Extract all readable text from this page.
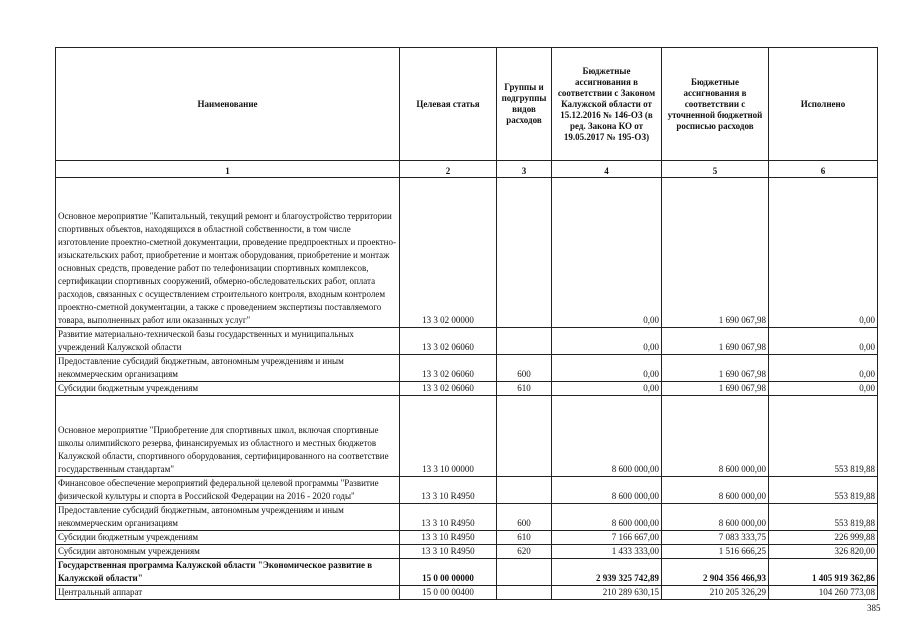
Наименование	Целевая статья	Группы и подгруппы видов расходов	Бюджетные ассигнования в соответствии с Законом Калужской области от 15.12.2016 № 146-ОЗ (в ред. Закона КО от 19.05.2017 № 195-ОЗ)	Бюджетные ассигнования в соответствии с уточненной бюджетной росписью расходов	Исполнено
1	2	3	4	5	6
Основное мероприятие "Капитальный, текущий ремонт и благоустройство территории спортивных объектов, находящихся в областной собственности, в том числе изготовление проектно-сметной документации, проведение предпроектных и проектно-изыскательских работ, приобретение и монтаж оборудования, приобретение и монтаж основных средств, проведение работ по телефонизации спортивных комплексов, сертификации спортивных сооружений, обмерно-обследовательских работ, оплата расходов, связанных с осуществлением строительного контроля, входным контролем проектно-сметной документации, а также с проведением экспертизы поставляемого товара, выполненных работ или оказанных услуг"	13 3 02 00000		0,00	1 690 067,98	0,00
Развитие материально-технической базы государственных и муниципальных учреждений Калужской области	13 3 02 06060		0,00	1 690 067,98	0,00
Предоставление субсидий бюджетным, автономным учреждениям и иным некоммерческим организациям	13 3 02 06060	600	0,00	1 690 067,98	0,00
Субсидии бюджетным учреждениям	13 3 02 06060	610	0,00	1 690 067,98	0,00
Основное мероприятие "Приобретение для спортивных школ, включая спортивные школы олимпийского резерва, финансируемых из областного и местных бюджетов Калужской области, спортивного оборудования, сертифицированного на соответствие государственным стандартам"	13 3 10 00000		8 600 000,00	8 600 000,00	553 819,88
Финансовое обеспечение мероприятий федеральной целевой программы "Развитие физической культуры и спорта в Российской Федерации на 2016 - 2020 годы"	13 3 10 R4950		8 600 000,00	8 600 000,00	553 819,88
Предоставление субсидий бюджетным, автономным учреждениям и иным некоммерческим организациям	13 3 10 R4950	600	8 600 000,00	8 600 000,00	553 819,88
Субсидии бюджетным учреждениям	13 3 10 R4950	610	7 166 667,00	7 083 333,75	226 999,88
Субсидии автономным учреждениям	13 3 10 R4950	620	1 433 333,00	1 516 666,25	326 820,00
Государственная программа Калужской области "Экономическое развитие в Калужской области"	15 0 00 00000		2 939 325 742,89	2 904 356 466,93	1 405 919 362,86
Центральный аппарат	15 0 00 00400		210 289 630,15	210 205 326,29	104 260 773,08
385
